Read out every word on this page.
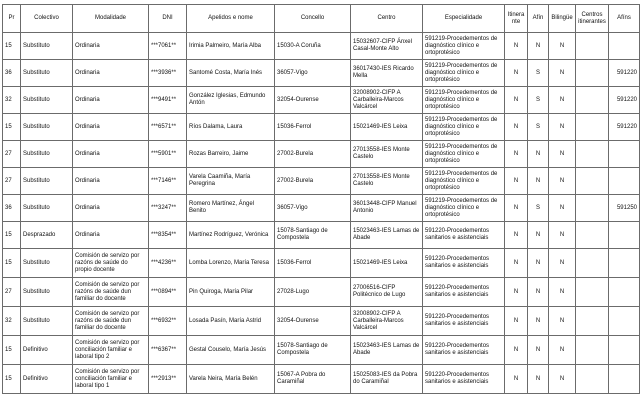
Pr	Colectivo	Modalidade	DNI	Apelidos e nome	Concello	Centro	Especialidade	Itinerante	Afín	Bilingüe	Centros itinerantes	Afíns
15	Substituto	Ordinaria	***7061**	Irimia Palmeiro, María Alba	15030-A Coruña	15032607-CIFP Ánxel Casal-Monte Alto	591219-Procedementos de diagnóstico clínico e ortoprotésico	N	N	N		
36	Substituto	Ordinaria	***3936**	Santomé Costa, María Inés	36057-Vigo	36017430-IES Ricardo Mella	591219-Procedementos de diagnóstico clínico e ortoprotésico	N	S	N		591220
32	Substituto	Ordinaria	***9491**	González Iglesias, Edmundo Antón	32054-Ourense	32008902-CIFP A Carballeira-Marcos Valcárcel	591219-Procedementos de diagnóstico clínico e ortoprotésico	N	S	N		591220
15	Substituto	Ordinaria	***6571**	Ríos Dalama, Laura	15036-Ferrol	15021469-IES Leixa	591219-Procedementos de diagnóstico clínico e ortoprotésico	N	S	N		591220
27	Substituto	Ordinaria	***5901**	Rozas Barreiro, Jaime	27002-Burela	27013558-IES Monte Castelo	591219-Procedementos de diagnóstico clínico e ortoprotésico	N	N	N		
27	Substituto	Ordinaria	***7146**	Varela Caamiña, María Peregrina	27002-Burela	27013558-IES Monte Castelo	591219-Procedementos de diagnóstico clínico e ortoprotésico	N	N	N		
36	Substituto	Ordinaria	***3247**	Romero Martínez, Ángel Benito	36057-Vigo	36013448-CIFP Manuel Antonio	591219-Procedementos de diagnóstico clínico e ortoprotésico	N	S	N		591250
15	Desprazado	Ordinaria	***8354**	Martínez Rodríguez, Verónica	15078-Santiago de Compostela	15023463-IES Lamas de Abade	591220-Procedementos sanitarios e asistenciais	N	N	N		
15	Substituto	Comisión de servizo por razóns de saúde do propio docente	***4236**	Lomba Lorenzo, María Teresa	15036-Ferrol	15021469-IES Leixa	591220-Procedementos sanitarios e asistenciais	N	N	N		
27	Substituto	Comisión de servizo por razóns de saúde dun familiar do docente	***0894**	Pin Quiroga, María Pilar	27028-Lugo	27006516-CIFP Politécnico de Lugo	591220-Procedementos sanitarios e asistenciais	N	N	N		
32	Substituto	Comisión de servizo por razóns de saúde dun familiar do docente	***6932**	Losada Pasín, María Astrid	32054-Ourense	32008902-CIFP A Carballeira-Marcos Valcárcel	591220-Procedementos sanitarios e asistenciais	N	N	N		
15	Definitivo	Comisión de servizo por conciliación familiar e laboral tipo 2	***6367**	Gestal Couselo, María Jesús	15078-Santiago de Compostela	15023463-IES Lamas de Abade	591220-Procedementos sanitarios e asistenciais	N	N	N		
15	Definitivo	Comisión de servizo por conciliación familiar e laboral tipo 1	***2913**	Varela Neira, María Belén	15067-A Pobra do Caramiñal	15025083-IES da Pobra do Caramiñal	591220-Procedementos sanitarios e asistenciais	N	N	N		
